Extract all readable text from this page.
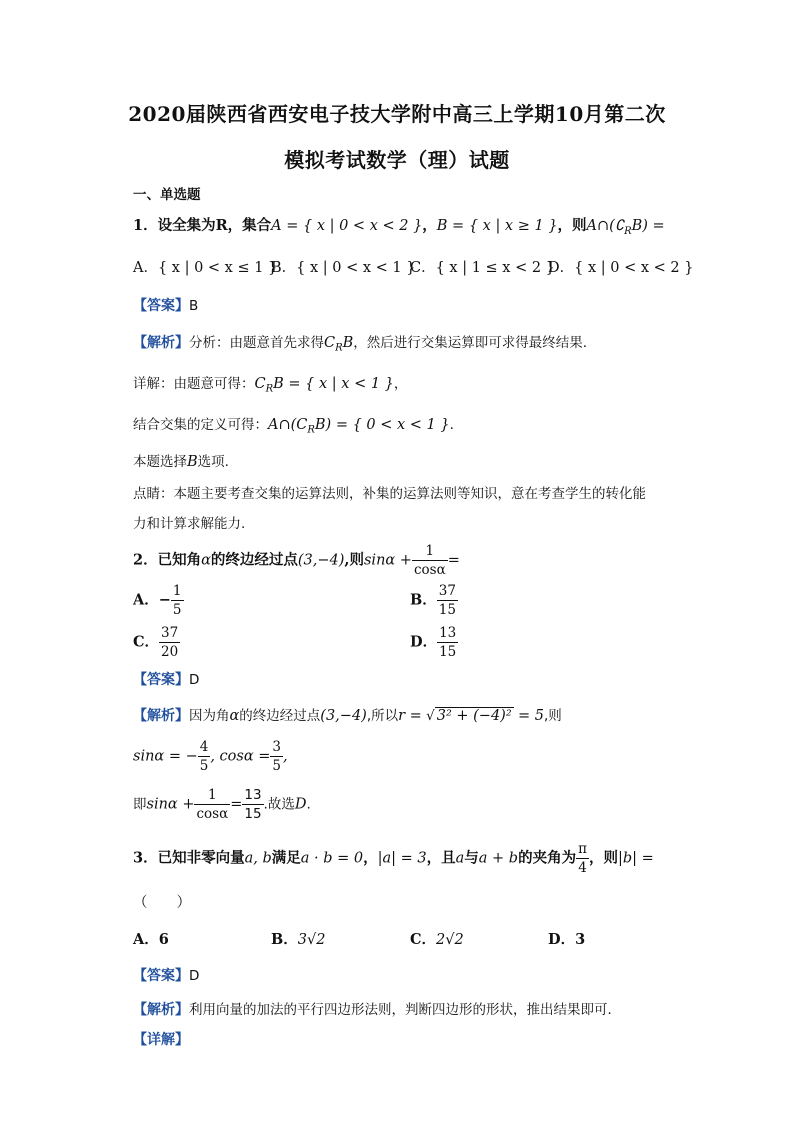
2020届陕西省西安电子技大学附中高三上学期10月第二次
模拟考试数学（理）试题
一、单选题
1．设全集为R，集合A = { x | 0 < x < 2 }，B = { x | x ≥ 1 }，则$A\cap(∁_RB)$ =
A．{ x | 0 < x ≤ 1 }
B．{ x | 0 < x < 1 }
C．{ x | 1 ≤ x < 2 }
D．{ x | 0 < x < 2 }
【答案】B
【解析】分析：由题意首先求得$C_RB$，然后进行交集运算即可求得最终结果.
详解：由题意可得：$C_RB$ = { x | x < 1 }，
结合交集的定义可得：$A\cap(C_RB)$ = { 0 < x < 1 }.
本题选择B选项.
点睛：本题主要考查交集的运算法则，补集的运算法则等知识，意在考查学生的转化能
力和计算求解能力.
2．已知角α的终边经过点(3,−4),则$\sin\alpha + \frac{1}{\cos\alpha}$ =
A．− $\frac{1}{5}$	B． $\frac{37}{15}$
C． $\frac{37}{20}$	D． $\frac{13}{15}$
【答案】D
【解析】因为角α的终边经过点(3,−4),所以r = √ 3² + (−4)² = 5,则
sinα = − $\frac{4}{5}$ , $\cos\alpha = \frac{3}{5}$ ,
即$\sin\alpha + \frac{1}{\cos\alpha} = \frac{13}{15}$ .故选D.
3．已知非零向量a, b满足a · b = 0，|a| = 3，且a与a + b的夹角为 $\frac{\pi}{4}$ ，则|b| =
（　　）
A．6	B．3√2	C．2√2	D．3
【答案】D
【解析】利用向量的加法的平行四边形法则，判断四边形的形状，推出结果即可．
【详解】
